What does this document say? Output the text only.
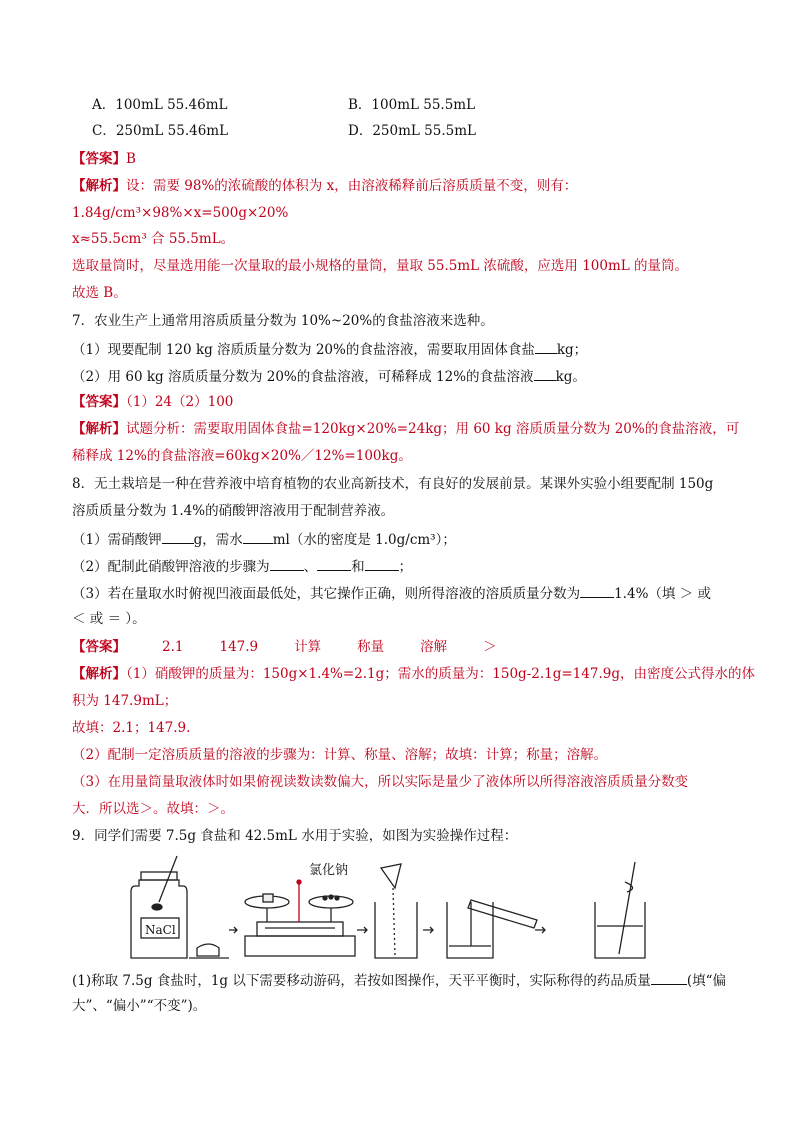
A．100mL 55.46mL	B．100mL 55.5mL
C．250mL 55.46mL	D．250mL 55.5mL
【答案】B
【解析】设：需要 98%的浓硫酸的体积为 x，由溶液稀释前后溶质质量不变，则有：
1.84g/cm³×98%×x=500g×20%
x≈55.5cm³ 合 55.5mL。
选取量筒时，尽量选用能一次量取的最小规格的量筒，量取 55.5mL 浓硫酸，应选用 100mL 的量筒。
故选 B。
7．农业生产上通常用溶质质量分数为 10%~20%的食盐溶液来选种。
（1）现要配制 120 kg 溶质质量分数为 20%的食盐溶液，需要取用固体食盐 kg；
（2）用 60 kg 溶质质量分数为 20%的食盐溶液，可稀释成 12%的食盐溶液 kg。
【答案】（1）24（2）100
【解析】试题分析：需要取用固体食盐=120kg×20%=24kg；用 60 kg 溶质质量分数为 20%的食盐溶液，可
稀释成 12%的食盐溶液=60kg×20%／12%=100kg。
8．无土栽培是一种在营养液中培育植物的农业高新技术，有良好的发展前景。某课外实验小组要配制 150g
溶质质量分数为 1.4%的硝酸钾溶液用于配制营养液。
（1）需硝酸钾 g，需水 ml（水的密度是 1.0g/cm³）；
（2）配制此硝酸钾溶液的步骤为	、	和	；
（3）若在量取水时俯视凹液面最低处，其它操作正确，则所得溶液的溶质质量分数为	1.4%（填 ＞ 或
＜ 或 ＝ ）。
【答案】	2.1	147.9	计算	称量	溶解	＞
【解析】（1）硝酸钾的质量为：150g×1.4%=2.1g；需水的质量为：150g-2.1g=147.9g，由密度公式得水的体
积为 147.9mL；
故填：2.1；147.9.
（2）配制一定溶质质量的溶液的步骤为：计算、称量、溶解；故填：计算；称量；溶解。
（3）在用量筒量取液体时如果俯视读数读数偏大，所以实际是量少了液体所以所得溶液溶质质量分数变
大．所以选＞。故填：＞。
9．同学们需要 7.5g 食盐和 42.5mL 水用于实验，如图为实验操作过程：
NaCl
氯化钠
(1)称取 7.5g 食盐时，1g 以下需要移动游码，若按如图操作，天平平衡时，实际称得的药品质量	(填“偏
大”、“偏小”“不变”)。
